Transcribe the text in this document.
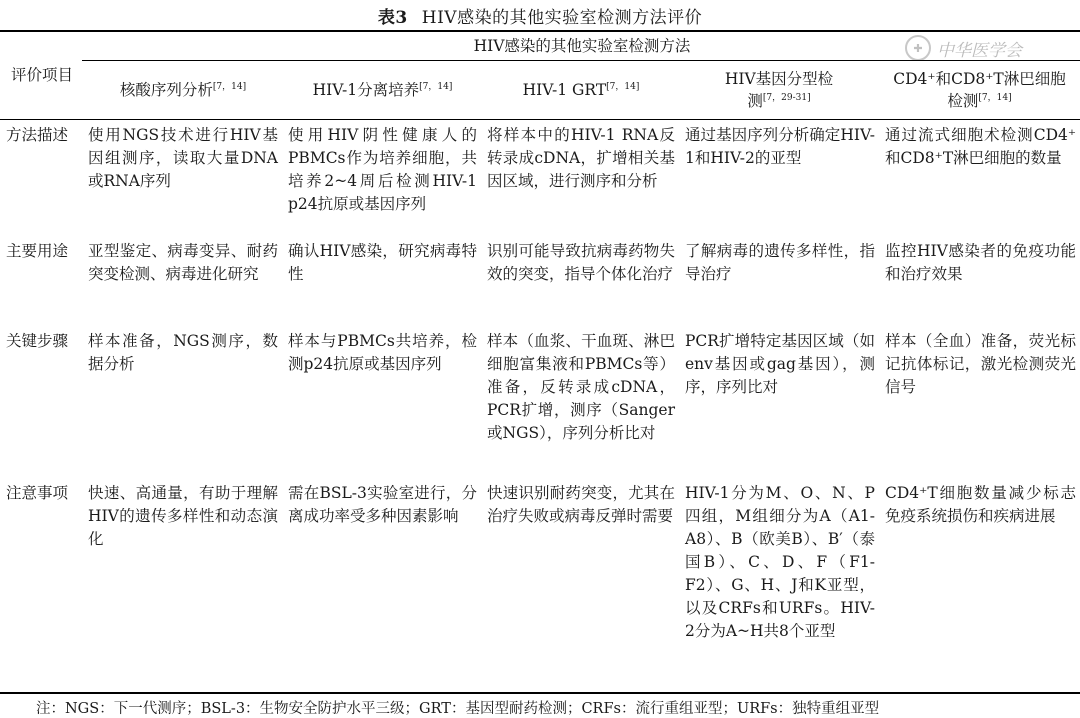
表3 HIV感染的其他实验室检测方法评价
✚ 中华医学会
评价项目	HIV感染的其他实验室检测方法				
	核酸序列分析[7，14]	HIV-1分离培养[7，14]	HIV-1 GRT[7，14]	HIV基因分型检测[7，29-31]	CD4⁺和CD8⁺T淋巴细胞检测[7，14]
方法描述	使用NGS技术进行HIV基因组测序，读取大量DNA或RNA序列	使用HIV阴性健康人的PBMCs作为培养细胞，共培养2~4周后检测HIV-1 p24抗原或基因序列	将样本中的HIV-1 RNA反转录成cDNA，扩增相关基因区域，进行测序和分析	通过基因序列分析确定HIV-1和HIV-2的亚型	通过流式细胞术检测CD4⁺和CD8⁺T淋巴细胞的数量
主要用途	亚型鉴定、病毒变异、耐药突变检测、病毒进化研究	确认HIV感染，研究病毒特性	识别可能导致抗病毒药物失效的突变，指导个体化治疗	了解病毒的遗传多样性，指导治疗	监控HIV感染者的免疫功能和治疗效果
关键步骤	样本准备，NGS测序，数据分析	样本与PBMCs共培养，检测p24抗原或基因序列	样本（血浆、干血斑、淋巴细胞富集液和PBMCs等）准备，反转录成cDNA，PCR扩增，测序（Sanger或NGS），序列分析比对	PCR扩增特定基因区域（如env基因或gag基因），测序，序列比对	样本（全血）准备，荧光标记抗体标记，激光检测荧光信号
注意事项	快速、高通量，有助于理解HIV的遗传多样性和动态演化	需在BSL-3实验室进行，分离成功率受多种因素影响	快速识别耐药突变，尤其在治疗失败或病毒反弹时需要	HIV-1分为M、O、N、P四组，M组细分为A（A1-A8）、B（欧美B）、B′（泰国B）、C、D、F（F1-F2）、G、H、J和K亚型，以及CRFs和URFs。HIV-2分为A~H共8个亚型	CD4⁺T细胞数量减少标志免疫系统损伤和疾病进展
注：NGS：下一代测序；BSL-3：生物安全防护水平三级；GRT：基因型耐药检测；CRFs：流行重组亚型；URFs：独特重组亚型
